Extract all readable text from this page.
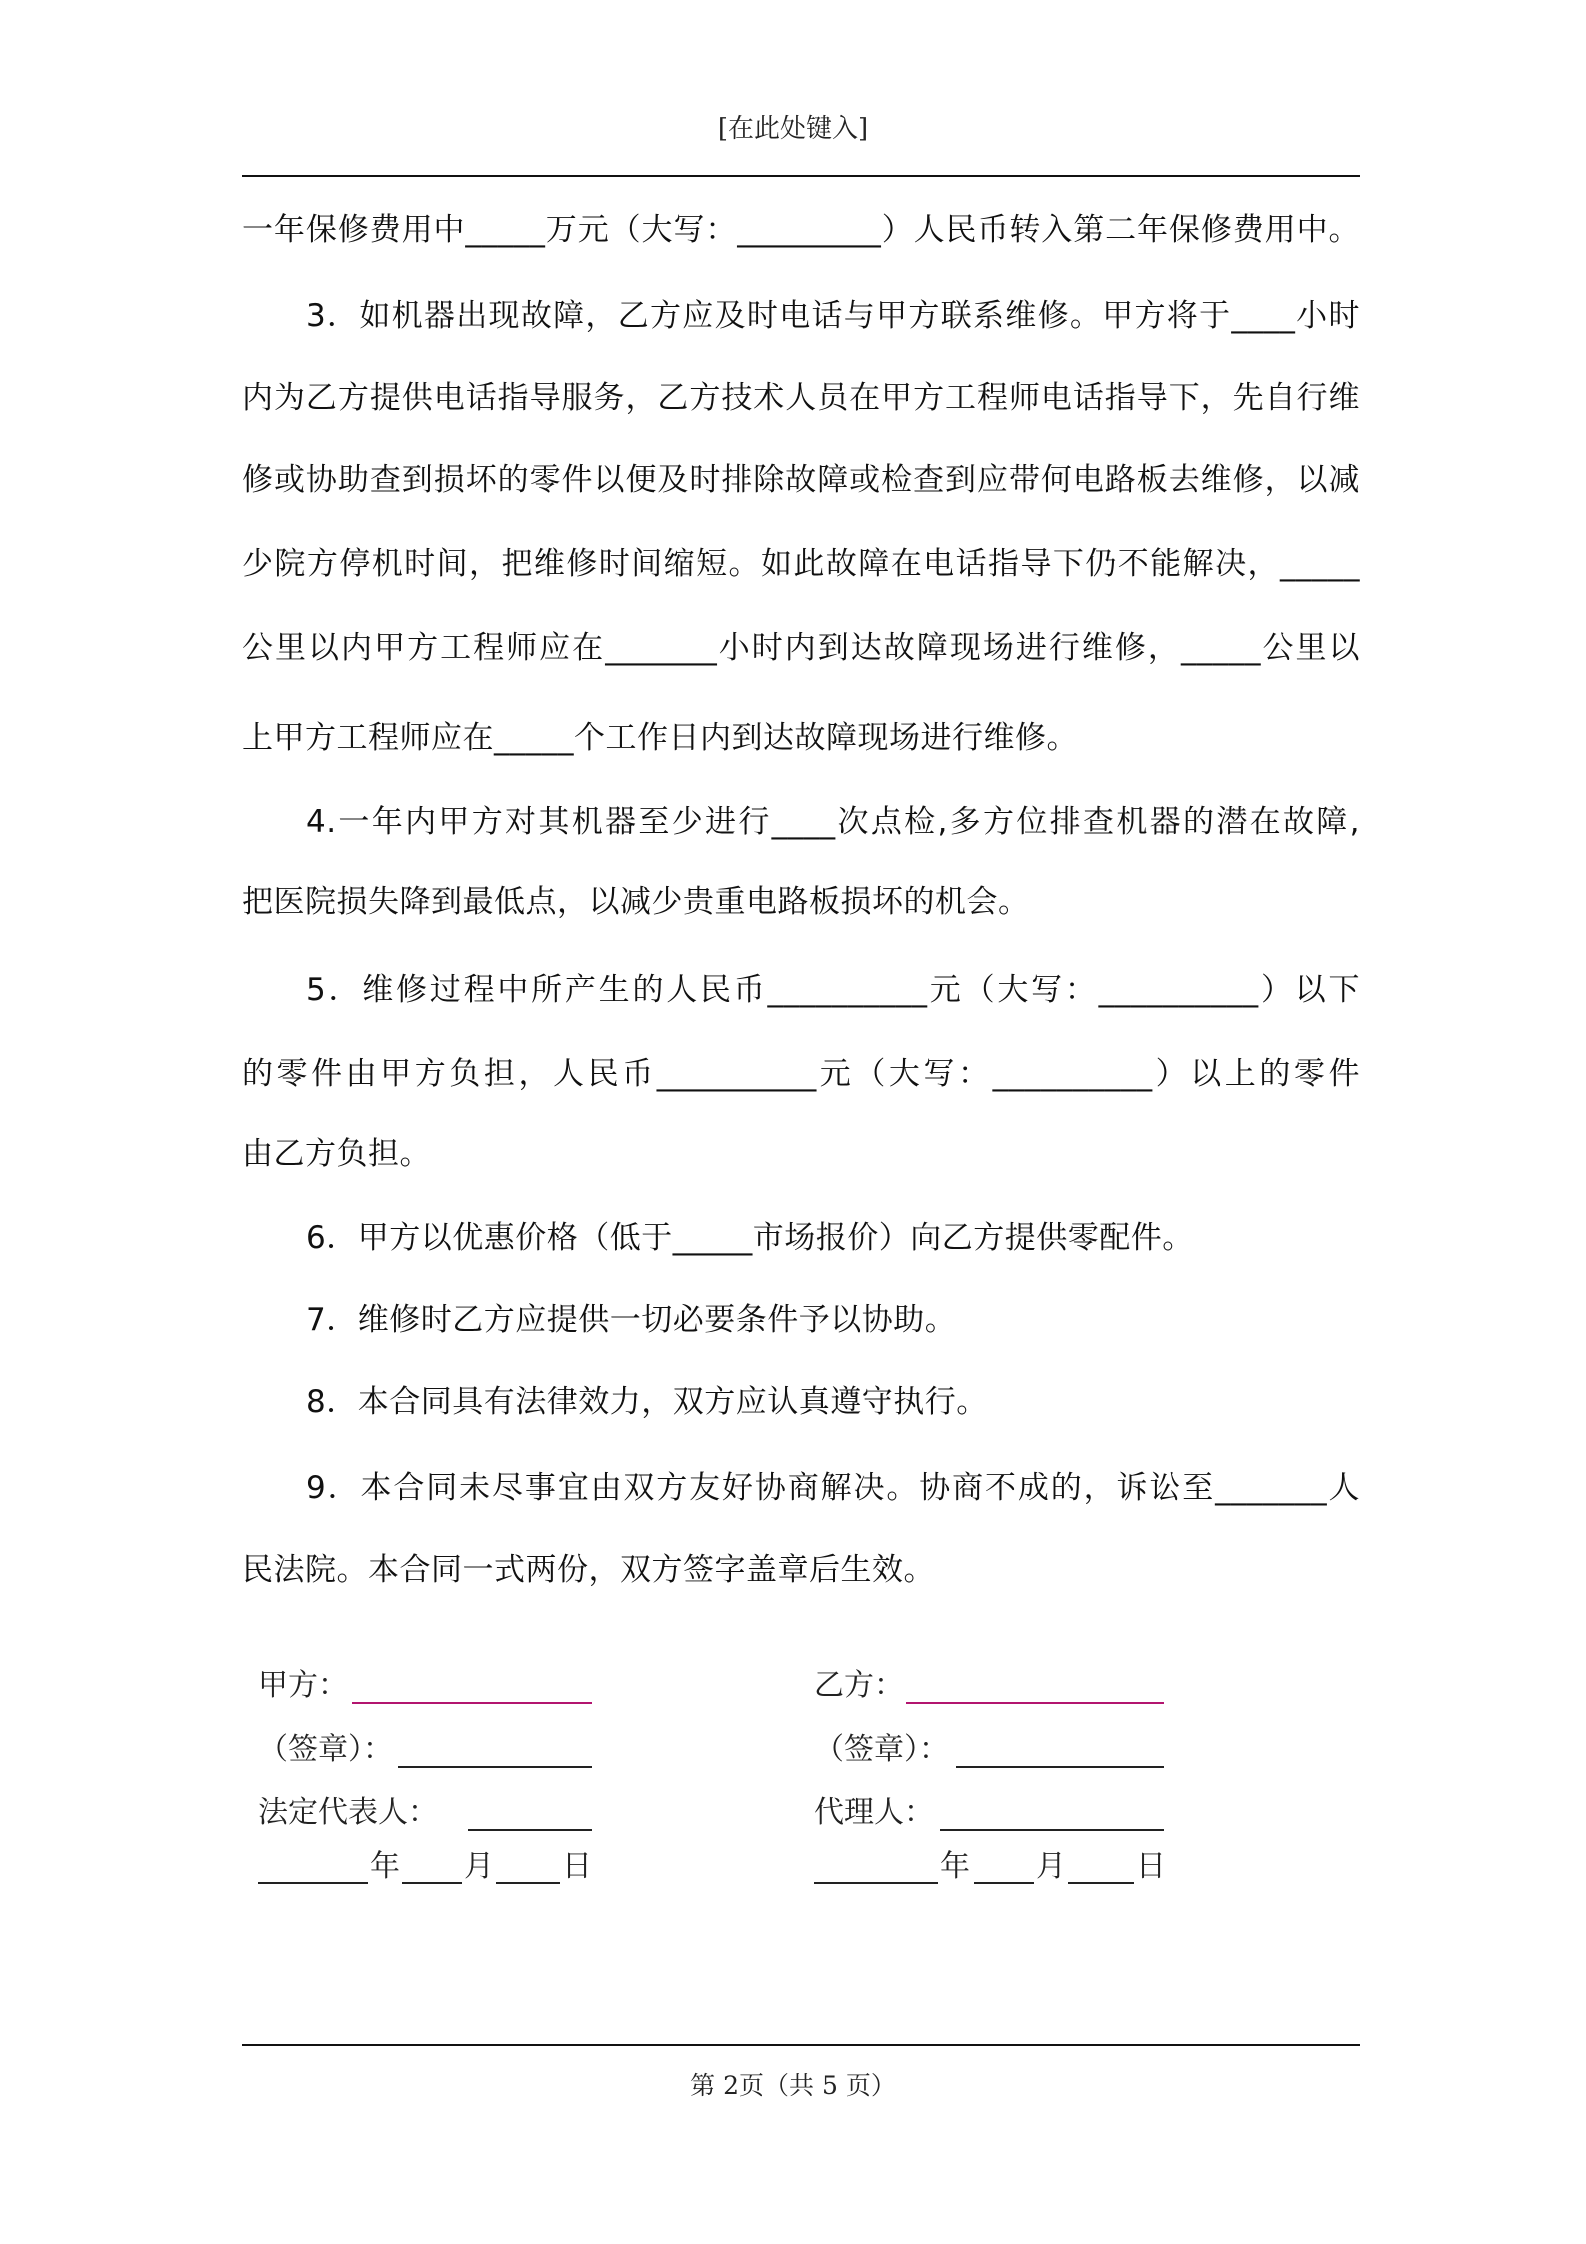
[在此处键入]
一年保修费用中_____万元（大写：_________）人民币转入第二年保修费用中。
3．如机器出现故障，乙方应及时电话与甲方联系维修。甲方将于____小时
内为乙方提供电话指导服务，乙方技术人员在甲方工程师电话指导下，先自行维
修或协助查到损坏的零件以便及时排除故障或检查到应带何电路板去维修，以减
少院方停机时间，把维修时间缩短。如此故障在电话指导下仍不能解决，_____
公里以内甲方工程师应在_______小时内到达故障现场进行维修，_____公里以
上甲方工程师应在_____个工作日内到达故障现场进行维修。
4.一年内甲方对其机器至少进行____次点检,多方位排查机器的潜在故障,
把医院损失降到最低点，以减少贵重电路板损坏的机会。
5．维修过程中所产生的人民币__________元（大写：__________）以下
的零件由甲方负担，人民币__________元（大写：__________）以上的零件
由乙方负担。
6．甲方以优惠价格（低于_____市场报价）向乙方提供零配件。
7．维修时乙方应提供一切必要条件予以协助。
8．本合同具有法律效力，双方应认真遵守执行。
9．本合同未尽事宜由双方友好协商解决。协商不成的，诉讼至_______人
民法院。本合同一式两份，双方签字盖章后生效。
甲方：
（签章）：
法定代表人：
年 月 日
乙方：
（签章）：
代理人：
年 月 日
第 2页（共 5 页）
